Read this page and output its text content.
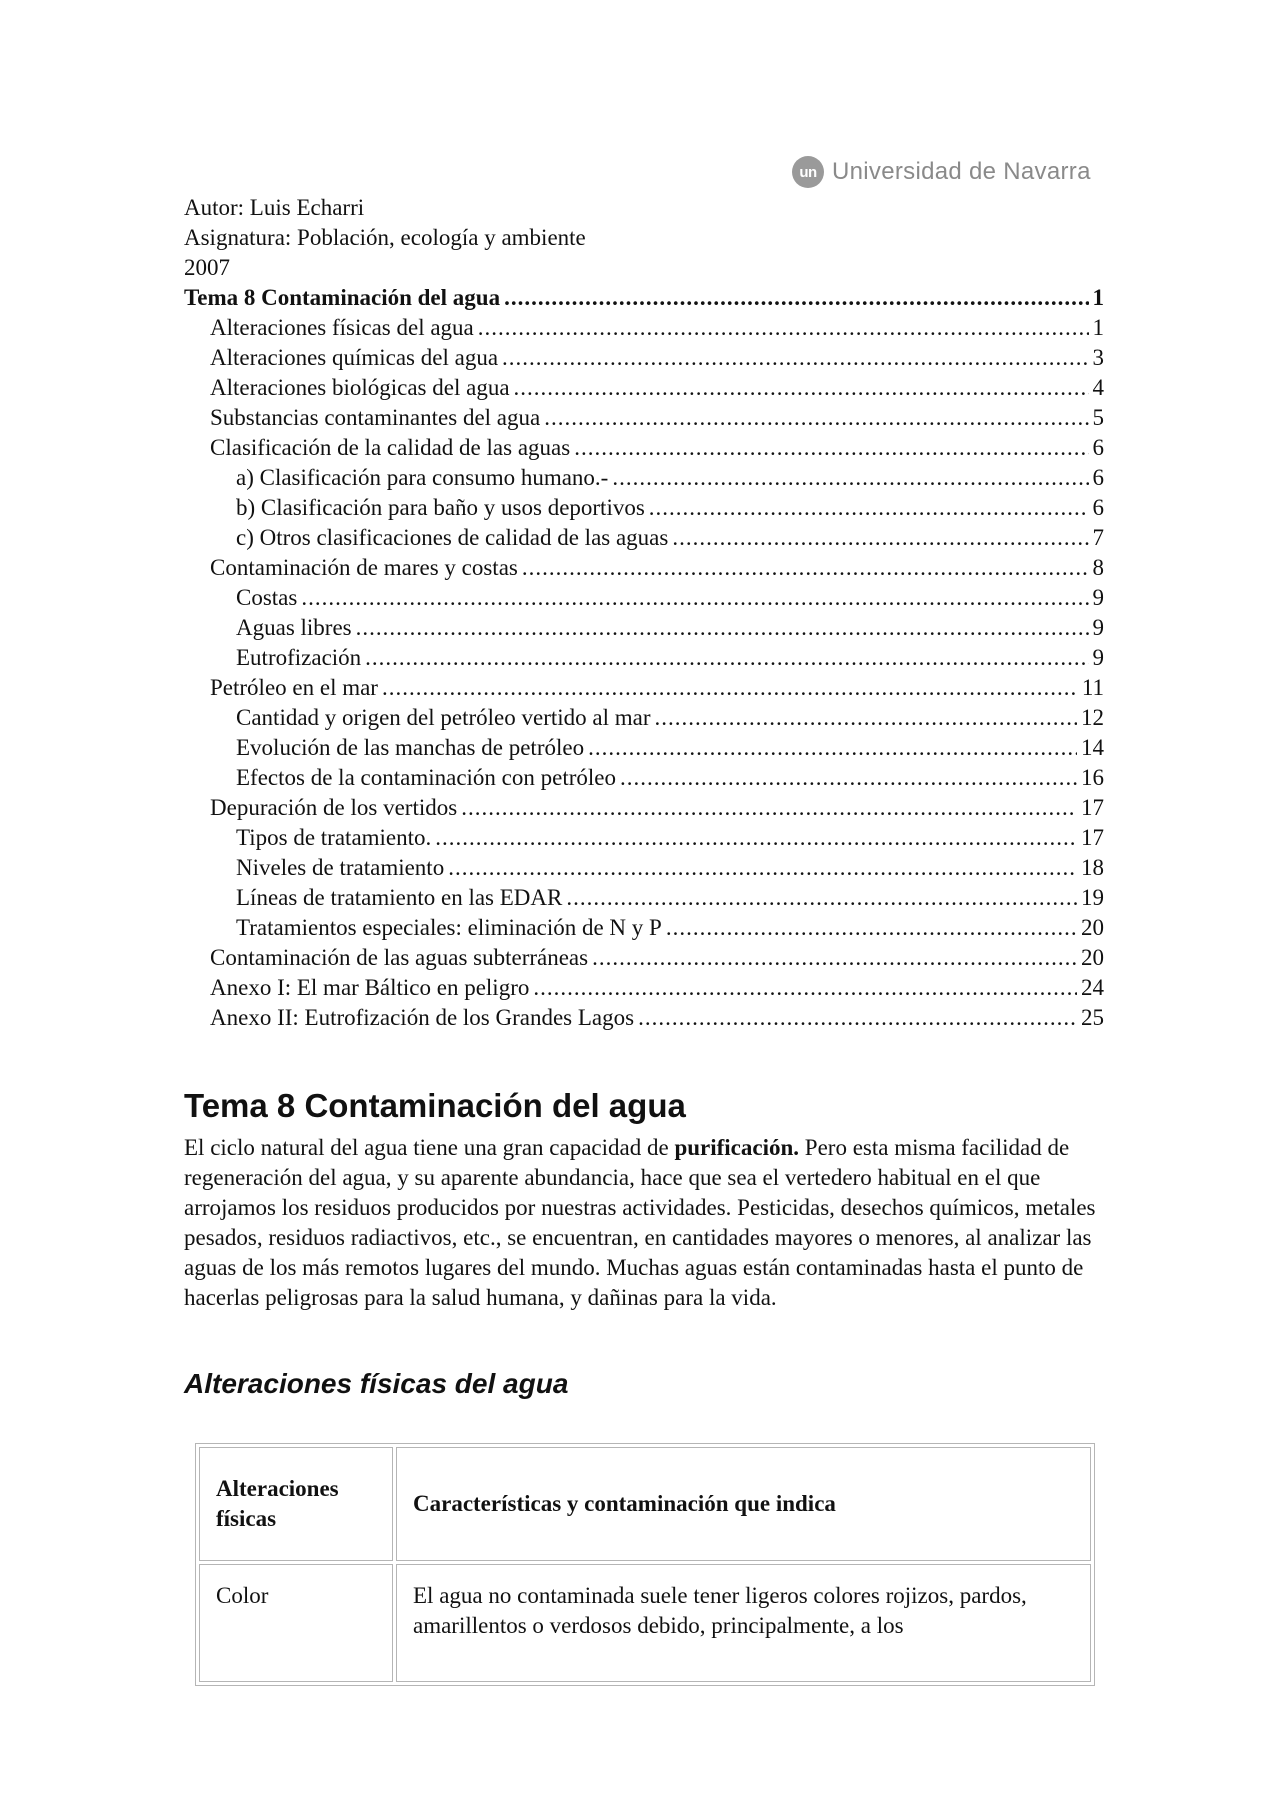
un Universidad de Navarra
Autor: Luis Echarri
Asignatura: Población, ecología y ambiente
2007
Tema 8 Contaminación del agua .....	1
Alteraciones físicas del agua .....	1
Alteraciones químicas del agua .....	3
Alteraciones biológicas del agua .....	4
Substancias contaminantes del agua .....	5
Clasificación de la calidad de las aguas .....	6
a) Clasificación para consumo humano.- .....	6
b) Clasificación para baño y usos deportivos .....	6
c) Otros clasificaciones de calidad de las aguas .....	7
Contaminación de mares y costas .....	8
Costas .....	9
Aguas libres .....	9
Eutrofización .....	9
Petróleo en el mar .....	11
Cantidad y origen del petróleo vertido al mar .....	12
Evolución de las manchas de petróleo .....	14
Efectos de la contaminación con petróleo .....	16
Depuración de los vertidos .....	17
Tipos de tratamiento. .....	17
Niveles de tratamiento .....	18
Líneas de tratamiento en las EDAR .....	19
Tratamientos especiales: eliminación de N y P .....	20
Contaminación de las aguas subterráneas .....	20
Anexo I: El mar Báltico en peligro .....	24
Anexo II: Eutrofización de los Grandes Lagos .....	25
Tema 8 Contaminación del agua

El ciclo natural del agua tiene una gran capacidad de purificación. Pero esta misma facilidad de regeneración del agua, y su aparente abundancia, hace que sea el vertedero habitual en el que arrojamos los residuos producidos por nuestras actividades. Pesticidas, desechos químicos, metales pesados, residuos radiactivos, etc., se encuentran, en cantidades mayores o menores, al analizar las aguas de los más remotos lugares del mundo. Muchas aguas están contaminadas hasta el punto de hacerlas peligrosas para la salud humana, y dañinas para la vida.

Alteraciones físicas del agua
Alteraciones físicas	Características y contaminación que indica
Color	El agua no contaminada suele tener ligeros colores rojizos, pardos, amarillentos o verdosos debido, principalmente, a los
